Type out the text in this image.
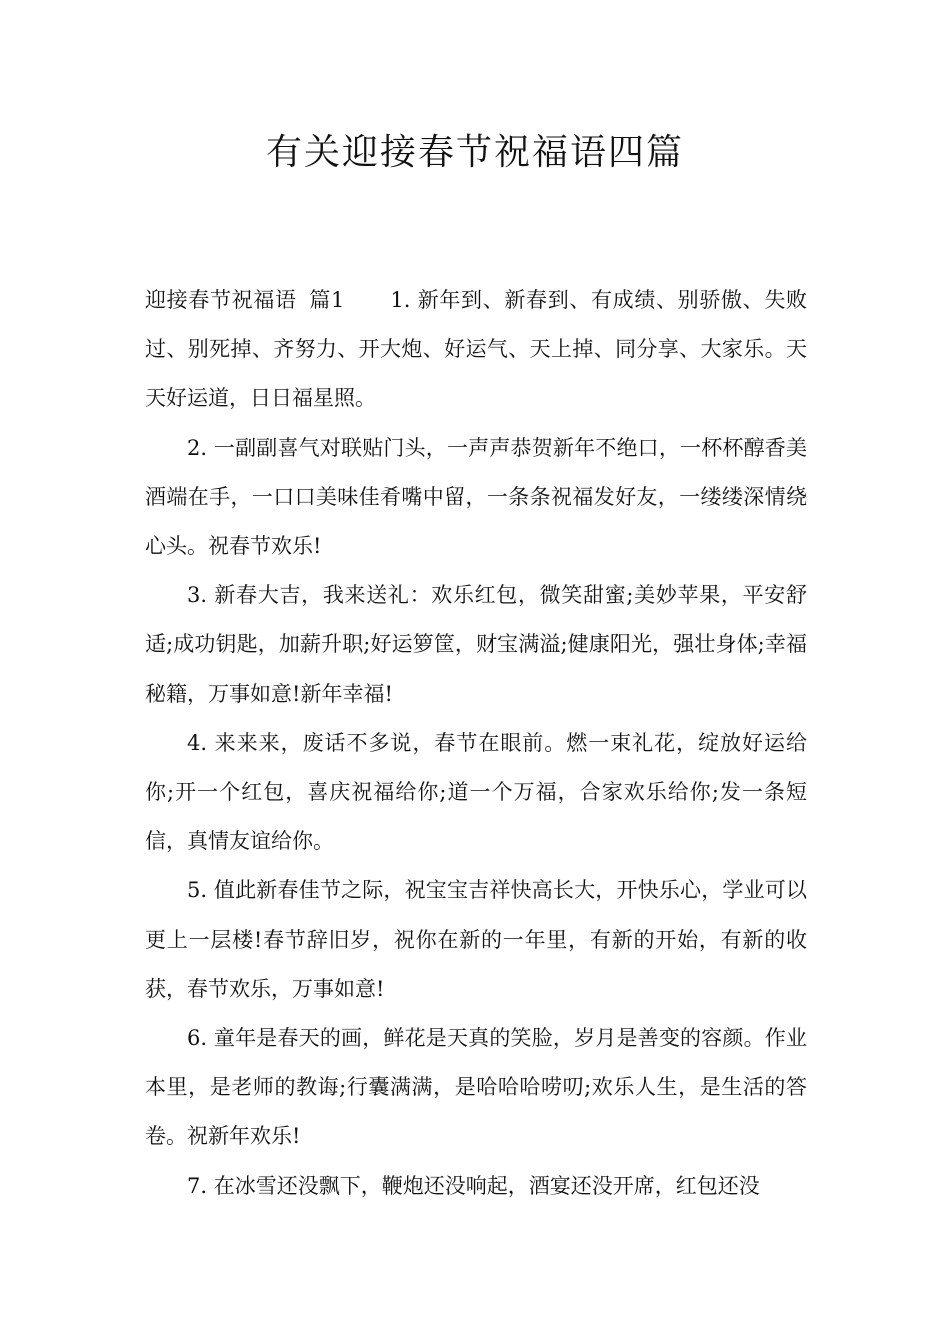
有关迎接春节祝福语四篇

迎接春节祝福语 篇1 1. 新年到、新春到、有成绩、别骄傲、失败过、别死掉、齐努力、开大炮、好运气、天上掉、同分享、大家乐。天天好运道，日日福星照。

2. 一副副喜气对联贴门头，一声声恭贺新年不绝口，一杯杯醇香美酒端在手，一口口美味佳肴嘴中留，一条条祝福发好友，一缕缕深情绕心头。祝春节欢乐!

3. 新春大吉，我来送礼：欢乐红包，微笑甜蜜;美妙苹果，平安舒适;成功钥匙，加薪升职;好运箩筐，财宝满溢;健康阳光，强壮身体;幸福秘籍，万事如意!新年幸福!

4. 来来来，废话不多说，春节在眼前。燃一束礼花，绽放好运给你;开一个红包，喜庆祝福给你;道一个万福，合家欢乐给你;发一条短信，真情友谊给你。

5. 值此新春佳节之际，祝宝宝吉祥快高长大，开快乐心，学业可以更上一层楼!春节辞旧岁，祝你在新的一年里，有新的开始，有新的收获，春节欢乐，万事如意!

6. 童年是春天的画，鲜花是天真的笑脸，岁月是善变的容颜。作业本里，是老师的教诲;行囊满满，是哈哈哈唠叨;欢乐人生，是生活的答卷。祝新年欢乐!

7. 在冰雪还没飘下，鞭炮还没响起，酒宴还没开席，红包还没
